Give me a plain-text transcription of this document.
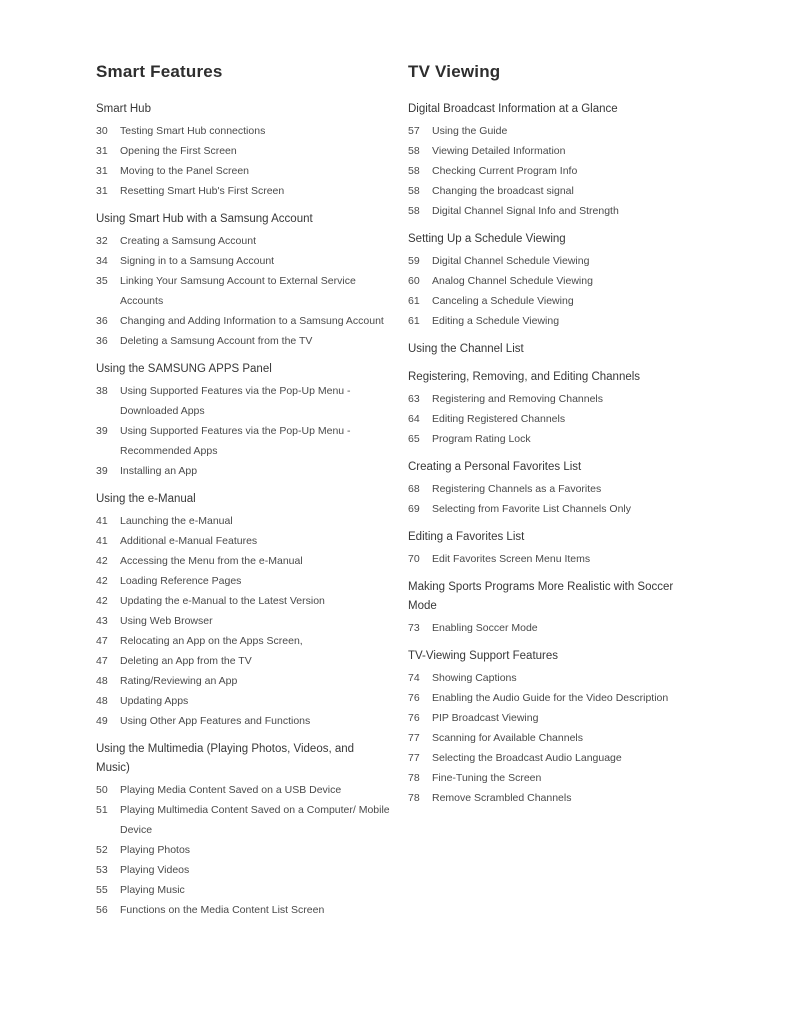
Smart Features
Smart Hub
30	Testing Smart Hub connections
31	Opening the First Screen
31	Moving to the Panel Screen
31	Resetting Smart Hub's First Screen
Using Smart Hub with a Samsung Account
32	Creating a Samsung Account
34	Signing in to a Samsung Account
35	Linking Your Samsung Account to External Service Accounts
36	Changing and Adding Information to a Samsung Account
36	Deleting a Samsung Account from the TV
Using the SAMSUNG APPS Panel
38	Using Supported Features via the Pop-Up Menu - Downloaded Apps
39	Using Supported Features via the Pop-Up Menu - Recommended Apps
39	Installing an App
Using the e-Manual
41	Launching the e-Manual
41	Additional e-Manual Features
42	Accessing the Menu from the e-Manual
42	Loading Reference Pages
42	Updating the e-Manual to the Latest Version
43	Using Web Browser
47	Relocating an App on the Apps Screen,
47	Deleting an App from the TV
48	Rating/Reviewing an App
48	Updating Apps
49	Using Other App Features and Functions
Using the Multimedia (Playing Photos, Videos, and Music)
50	Playing Media Content Saved on a USB Device
51	Playing Multimedia Content Saved on a Computer/ Mobile Device
52	Playing Photos
53	Playing Videos
55	Playing Music
56	Functions on the Media Content List Screen
TV Viewing
Digital Broadcast Information at a Glance
57	Using the Guide
58	Viewing Detailed Information
58	Checking Current Program Info
58	Changing the broadcast signal
58	Digital Channel Signal Info and Strength
Setting Up a Schedule Viewing
59	Digital Channel Schedule Viewing
60	Analog Channel Schedule Viewing
61	Canceling a Schedule Viewing
61	Editing a Schedule Viewing
Using the Channel List
Registering, Removing, and Editing Channels
63	Registering and Removing Channels
64	Editing Registered Channels
65	Program Rating Lock
Creating a Personal Favorites List
68	Registering Channels as a Favorites
69	Selecting from Favorite List Channels Only
Editing a Favorites List
70	Edit Favorites Screen Menu Items
Making Sports Programs More Realistic with Soccer Mode
73	Enabling Soccer Mode
TV-Viewing Support Features
74	Showing Captions
76	Enabling the Audio Guide for the Video Description
76	PIP Broadcast Viewing
77	Scanning for Available Channels
77	Selecting the Broadcast Audio Language
78	Fine-Tuning the Screen
78	Remove Scrambled Channels
